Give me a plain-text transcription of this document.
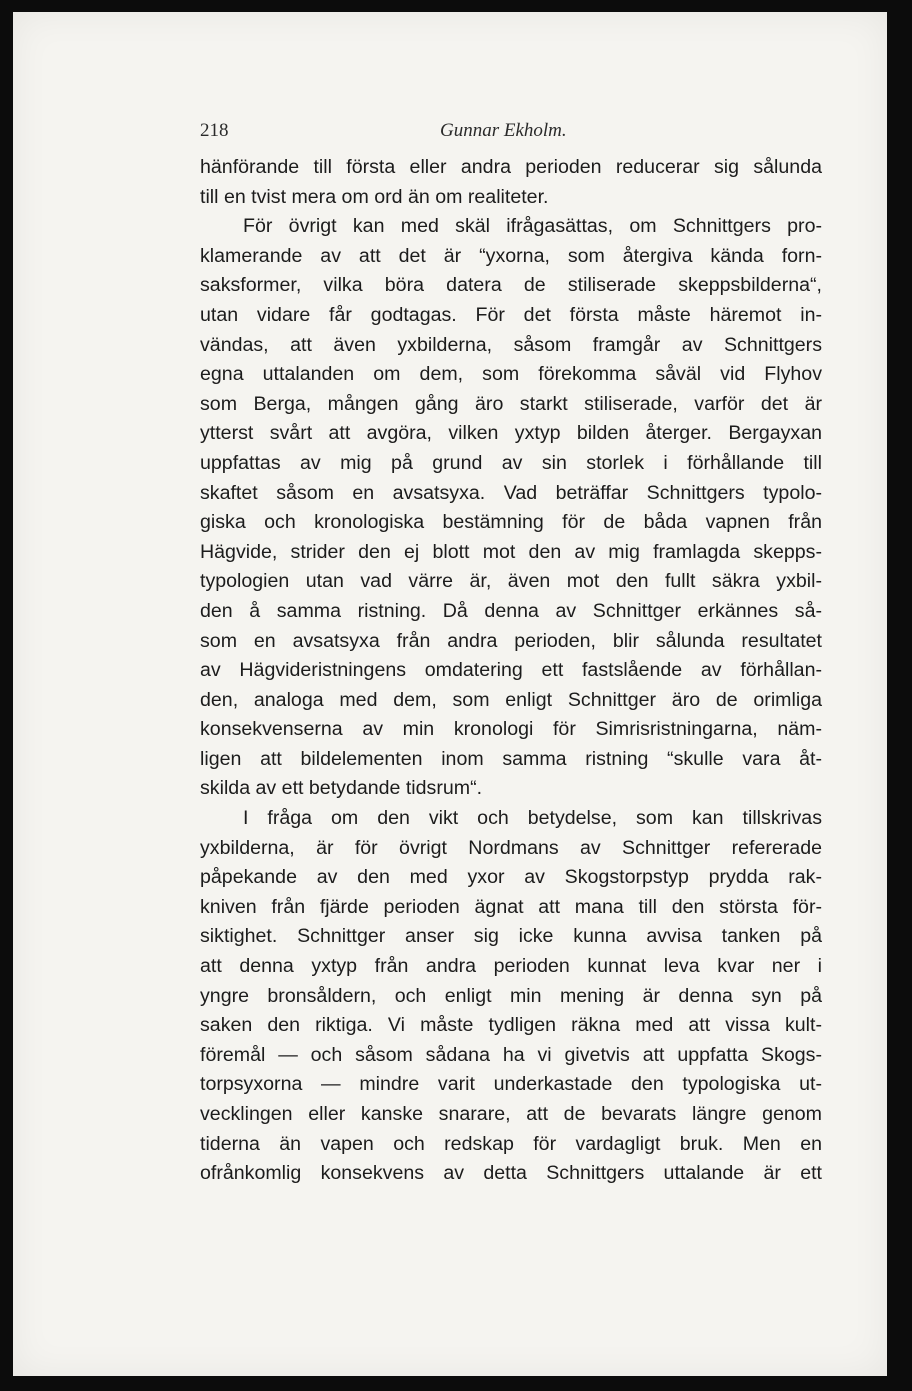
218	Gunnar Ekholm.
hänförande till första eller andra perioden reducerar sig sålunda
till en tvist mera om ord än om realiteter.
För övrigt kan med skäl ifrågasättas, om Schnittgers pro-
klamerande av att det är “yxorna, som återgiva kända forn-
saksformer, vilka böra datera de stiliserade skeppsbilderna“,
utan vidare får godtagas. För det första måste häremot in-
vändas, att även yxbilderna, såsom framgår av Schnittgers
egna uttalanden om dem, som förekomma såväl vid Flyhov
som Berga, mången gång äro starkt stiliserade, varför det är
ytterst svårt att avgöra, vilken yxtyp bilden återger. Bergayxan
uppfattas av mig på grund av sin storlek i förhållande till
skaftet såsom en avsatsyxa. Vad beträffar Schnittgers typolo-
giska och kronologiska bestämning för de båda vapnen från
Hägvide, strider den ej blott mot den av mig framlagda skepps-
typologien utan vad värre är, även mot den fullt säkra yxbil-
den å samma ristning. Då denna av Schnittger erkännes så-
som en avsatsyxa från andra perioden, blir sålunda resultatet
av Hägvideristningens omdatering ett fastslående av förhållan-
den, analoga med dem, som enligt Schnittger äro de orimliga
konsekvenserna av min kronologi för Simrisristningarna, näm-
ligen att bildelementen inom samma ristning “skulle vara åt-
skilda av ett betydande tidsrum“.
I fråga om den vikt och betydelse, som kan tillskrivas
yxbilderna, är för övrigt Nordmans av Schnittger refererade
påpekande av den med yxor av Skogstorpstyp prydda rak-
kniven från fjärde perioden ägnat att mana till den största för-
siktighet. Schnittger anser sig icke kunna avvisa tanken på
att denna yxtyp från andra perioden kunnat leva kvar ner i
yngre bronsåldern, och enligt min mening är denna syn på
saken den riktiga. Vi måste tydligen räkna med att vissa kult-
föremål — och såsom sådana ha vi givetvis att uppfatta Skogs-
torpsyxorna — mindre varit underkastade den typologiska ut-
vecklingen eller kanske snarare, att de bevarats längre genom
tiderna än vapen och redskap för vardagligt bruk. Men en
ofrånkomlig konsekvens av detta Schnittgers uttalande är ett
